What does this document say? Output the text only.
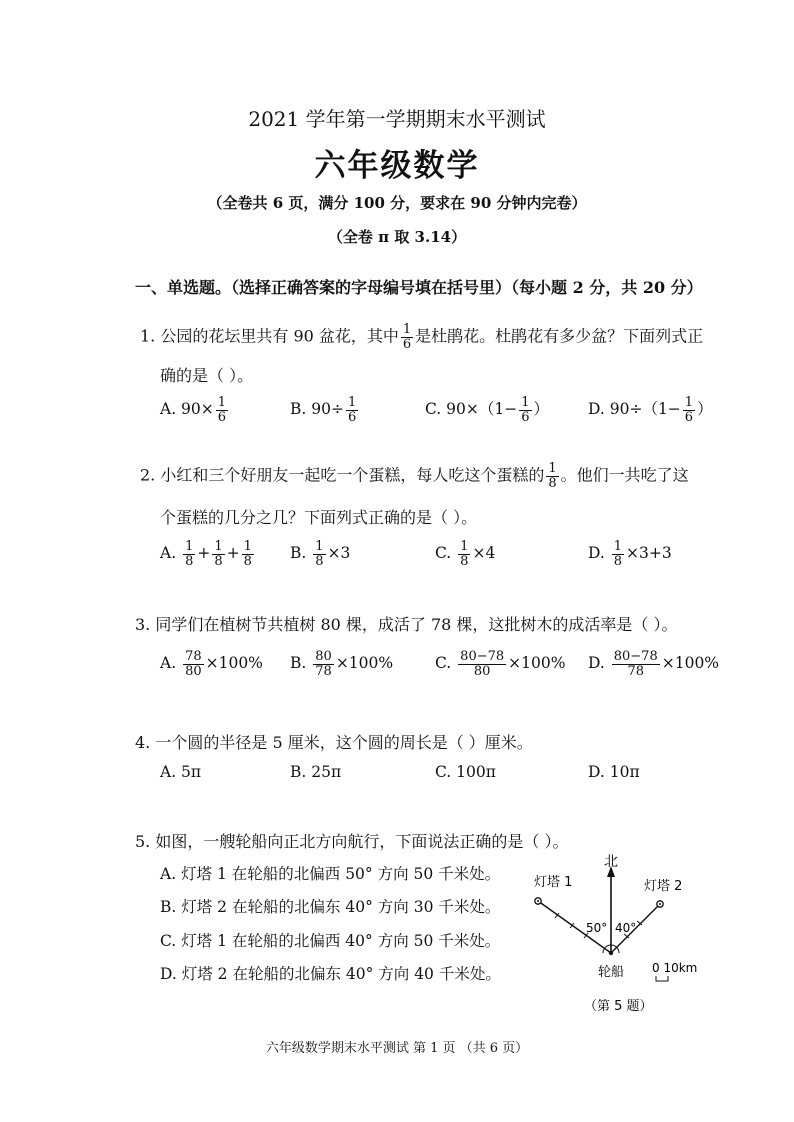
2021 学年第一学期期末水平测试
六年级数学
（全卷共 6 页，满分 100 分，要求在 90 分钟内完卷）
（全卷 π 取 3.14）
一、单选题。（选择正确答案的字母编号填在括号里）（每小题 2 分，共 20 分）
1. 公园的花坛里共有 90 盆花，其中 $\frac{1}{6}$ 是杜鹃花。杜鹃花有多少盆？下面列式正
确的是（ ）。
A. $90\times \frac{1}{6}$	B. $90\div \frac{1}{6}$	C. $90\times(1- \frac{1}{6}$ ）	D. $90\div(1- \frac{1}{6}$ ）
2. 小红和三个好朋友一起吃一个蛋糕，每人吃这个蛋糕的 $\frac{1}{8}$ 。他们一共吃了这
个蛋糕的几分之几？下面列式正确的是（ ）。
A. $\frac{1}{8} + \frac{1}{8} + \frac{1}{8} B$. $\frac{1}{8} \times 3$	C. $\frac{1}{8} \times 4$	D. $\frac{1}{8} \times 3+3$
3. 同学们在植树节共植树 80 棵，成活了 78 棵，这批树木的成活率是（ ）。
A. $\frac{78}{80} \times 100\%$ B. $\frac{80}{78} \times 100\%$	C. $\frac{80-78}{80} \times 100\%$ D. $\frac{80-78}{78} \times 100\%$
4. 一个圆的半径是 5 厘米，这个圆的周长是（ ）厘米。
A. 5π	B. 25π	C. 100π	D. 10π
5. 如图，一艘轮船向正北方向航行，下面说法正确的是（ ）。
A. 灯塔 1 在轮船的北偏西 50° 方向 50 千米处。
B. 灯塔 2 在轮船的北偏东 40° 方向 30 千米处。
C. 灯塔 1 在轮船的北偏西 40° 方向 50 千米处。
D. 灯塔 2 在轮船的北偏东 40° 方向 40 千米处。
北
灯塔 1	灯塔 2
50° 40°
轮船 0 10km
（第 5 题）
六年级数学期末水平测试 第 1 页 （共 6 页）
